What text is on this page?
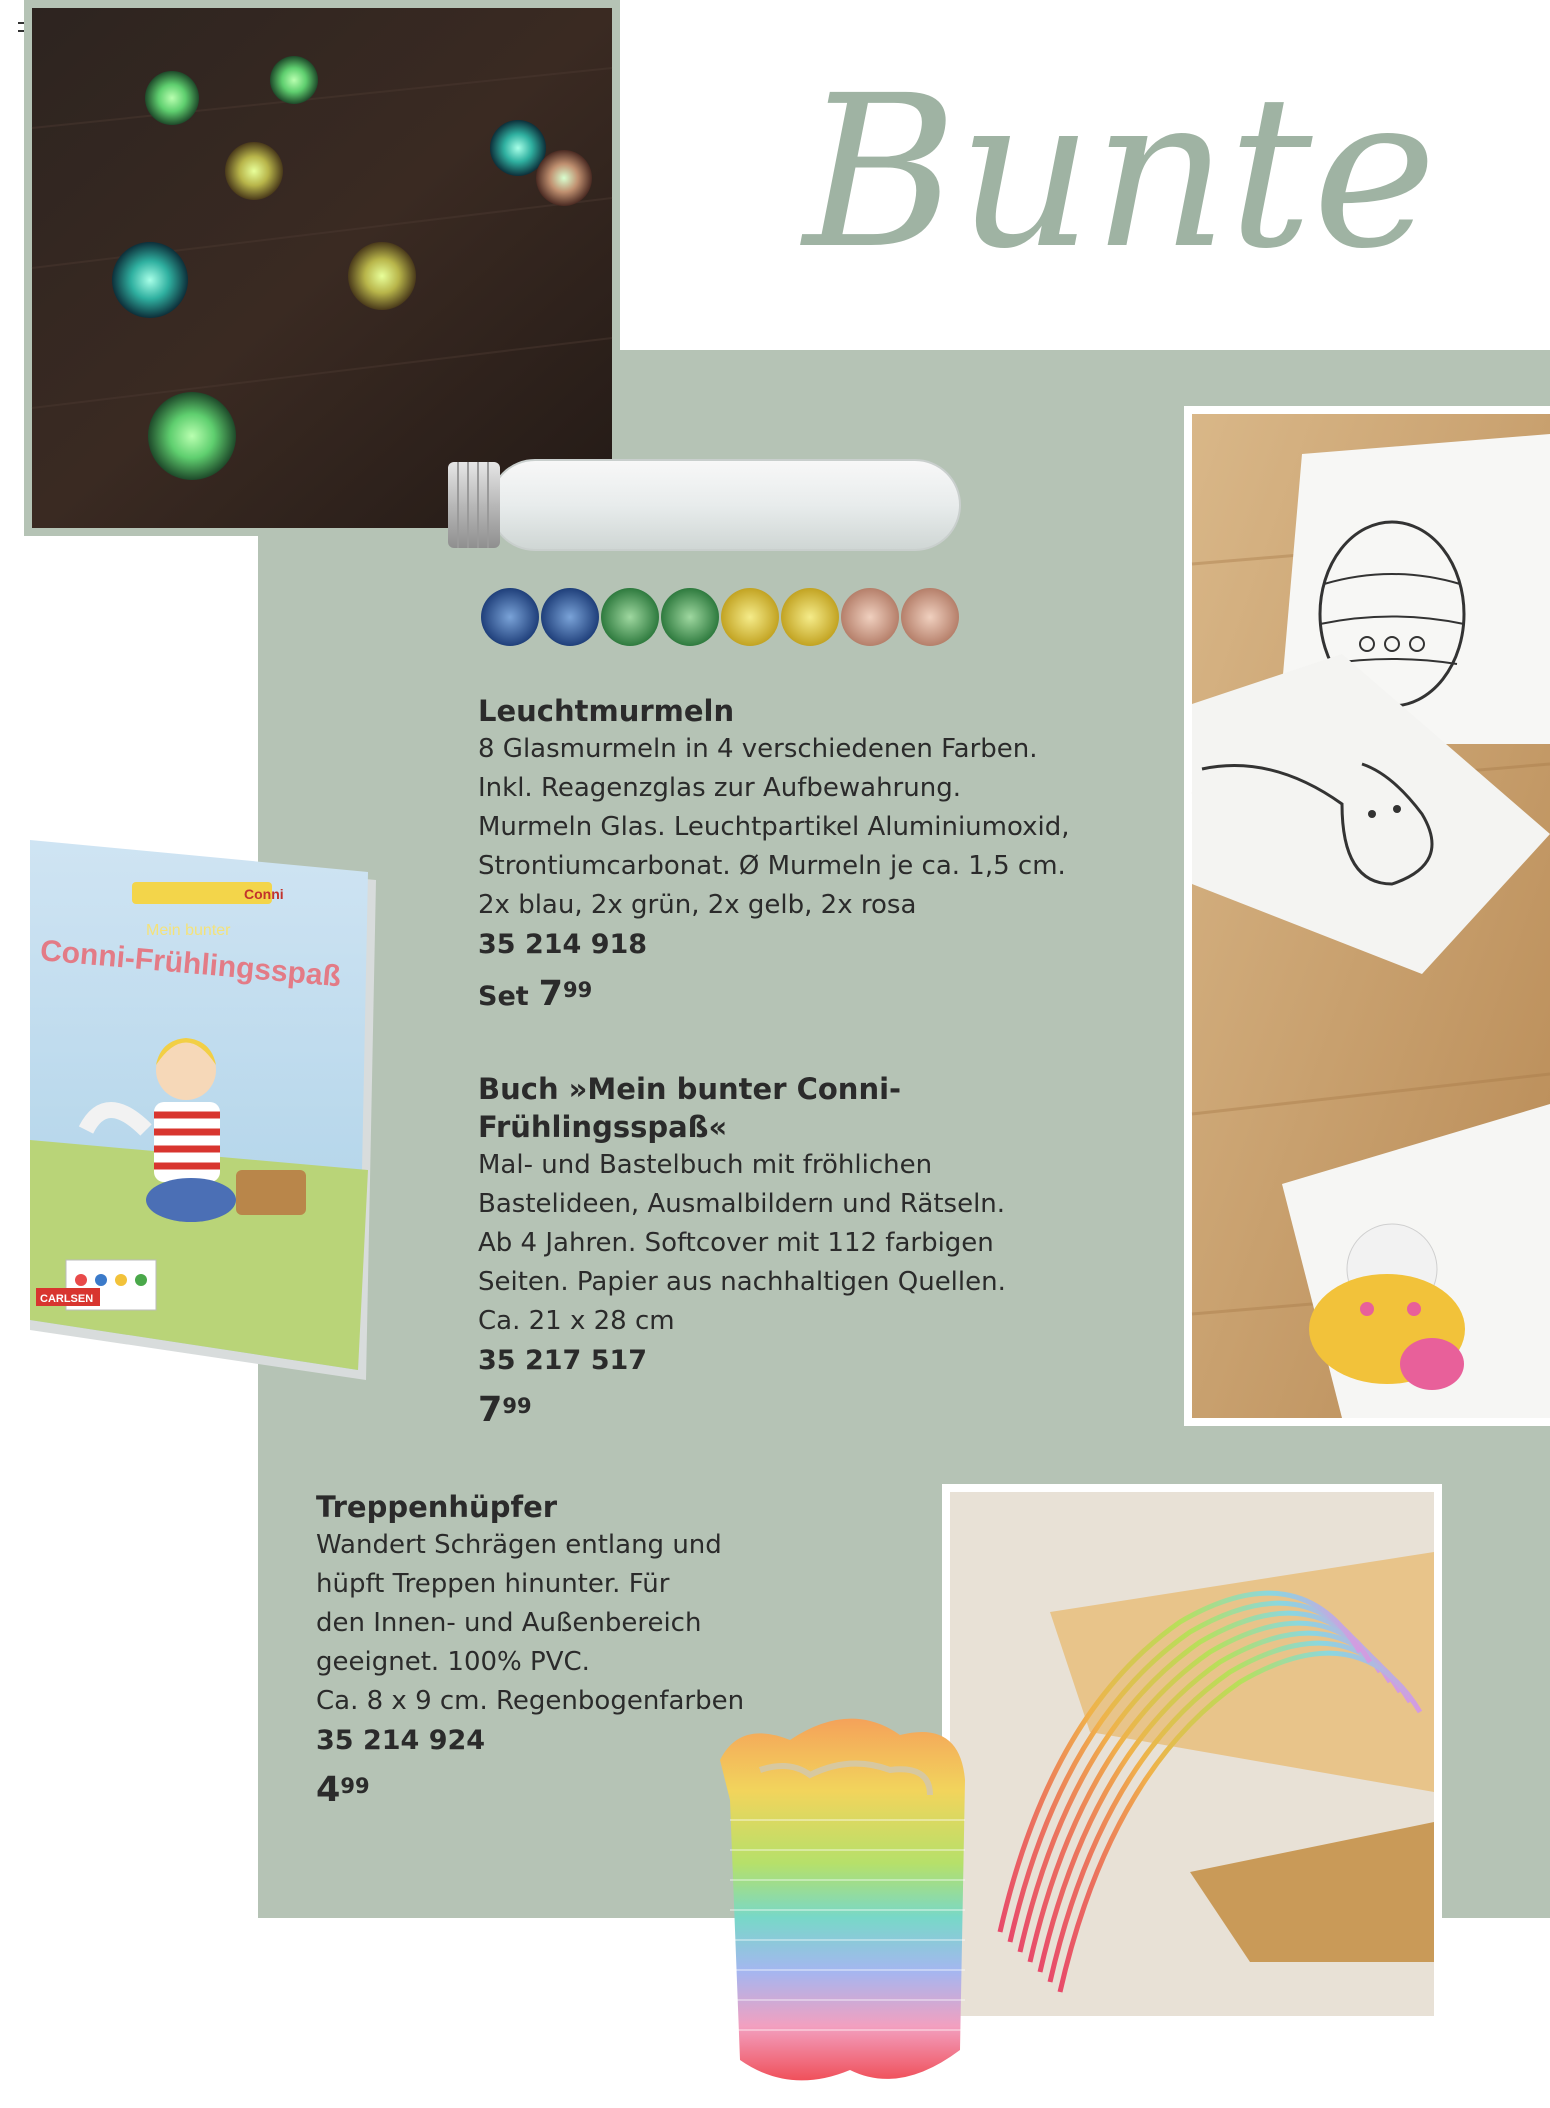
Bunte
Conni
Mein bunter
Conni-Frühlingsspaß
CARLSEN
Leuchtmurmeln
8 Glasmurmeln in 4 verschiedenen Farben.
Inkl. Reagenzglas zur Aufbewahrung.
Murmeln Glas. Leuchtpartikel Aluminiumoxid,
Strontiumcarbonat. Ø Murmeln je ca. 1,5 cm.
2x blau, 2x grün, 2x gelb, 2x rosa
35 214 918
Set $7^{99}$
Buch »Mein bunter Conni-
Frühlingsspaß«
Mal- und Bastelbuch mit fröhlichen
Bastelideen, Ausmalbildern und Rätseln.
Ab 4 Jahren. Softcover mit 112 farbigen
Seiten. Papier aus nachhaltigen Quellen.
Ca. 21 x 28 cm
35 217 517
$7^{99}$
Treppenhüpfer
Wandert Schrägen entlang und
hüpft Treppen hinunter. Für
den Innen- und Außenbereich
geeignet. 100% PVC.
Ca. 8 x 9 cm. Regenbogenfarben
35 214 924
$4^{99}$
